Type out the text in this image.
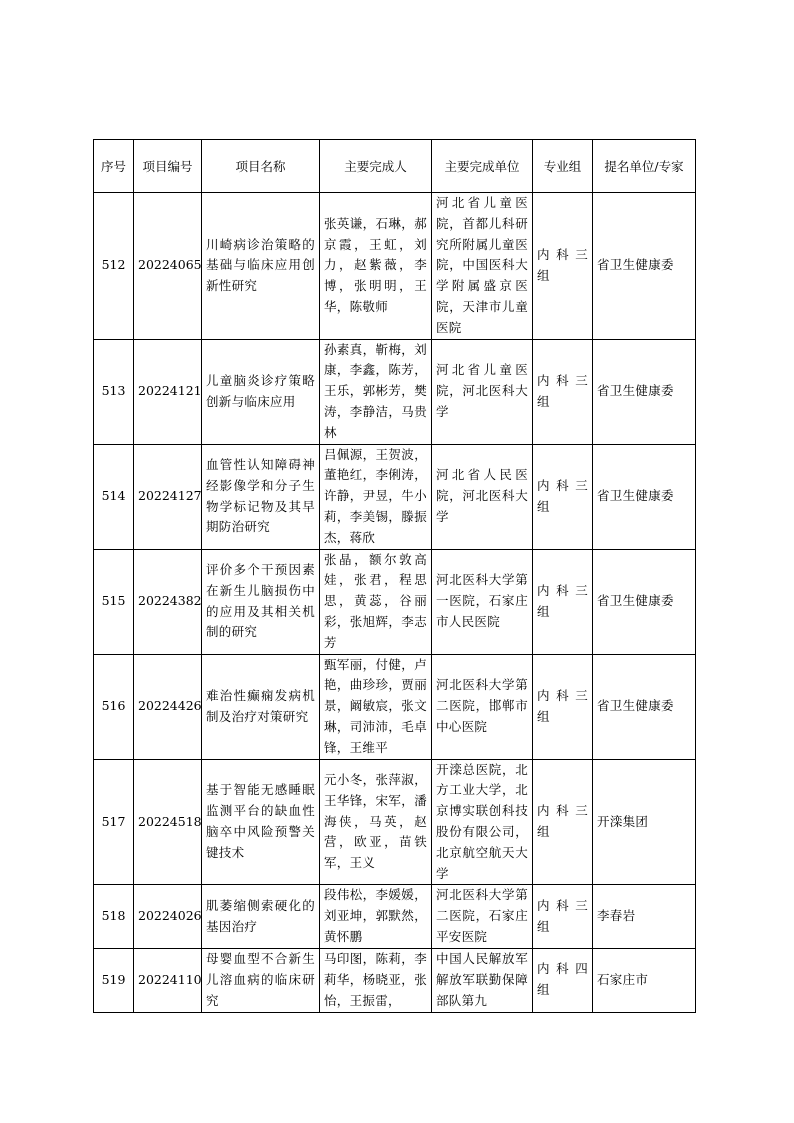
序号	项目编号	项目名称	主要完成人	主要完成单位	专业组	提名单位/专家
512	20224065	川崎病诊治策略的基础与临床应用创新性研究	张英谦，石琳，郝京霞，王虹，刘力，赵紫薇，李博，张明明，王华，陈敬师	河北省儿童医院，首都儿科研究所附属儿童医院，中国医科大学附属盛京医院，天津市儿童医院	内科三组	省卫生健康委
513	20224121	儿童脑炎诊疗策略创新与临床应用	孙素真，靳梅，刘康，李鑫，陈芳，王乐，郭彬芳，樊涛，李静洁，马贵林	河北省儿童医院，河北医科大学	内科三组	省卫生健康委
514	20224127	血管性认知障碍神经影像学和分子生物学标记物及其早期防治研究	吕佩源，王贺波，董艳红，李俐涛，许静，尹昱，牛小莉，李美锡，滕振杰，蒋欣	河北省人民医院，河北医科大学	内科三组	省卫生健康委
515	20224382	评价多个干预因素在新生儿脑损伤中的应用及其相关机制的研究	张晶，额尔敦高娃，张君，程思思，黄蕊，谷丽彩，张旭辉，李志芳	河北医科大学第一医院，石家庄市人民医院	内科三组	省卫生健康委
516	20224426	难治性癫痫发病机制及治疗对策研究	甄军丽，付健，卢艳，曲珍珍，贾丽景，阚敏宸，张文琳，司沛沛，毛卓锋，王维平	河北医科大学第二医院，邯郸市中心医院	内科三组	省卫生健康委
517	20224518	基于智能无感睡眠监测平台的缺血性脑卒中风险预警关键技术	元小冬，张萍淑，王华锋，宋军，潘海侠，马英，赵营，欧亚，苗铁军，王义	开滦总医院，北方工业大学，北京博实联创科技股份有限公司，北京航空航天大学	内科三组	开滦集团
518	20224026	肌萎缩侧索硬化的基因治疗	段伟松，李媛媛，刘亚坤，郭默然，黄怀鹏	河北医科大学第二医院，石家庄平安医院	内科三组	李春岩
519	20224110	母婴血型不合新生儿溶血病的临床研究	马印图，陈莉，李莉华，杨晓亚，张怡，王振雷，	中国人民解放军解放军联勤保障部队第九	内科四组	石家庄市
